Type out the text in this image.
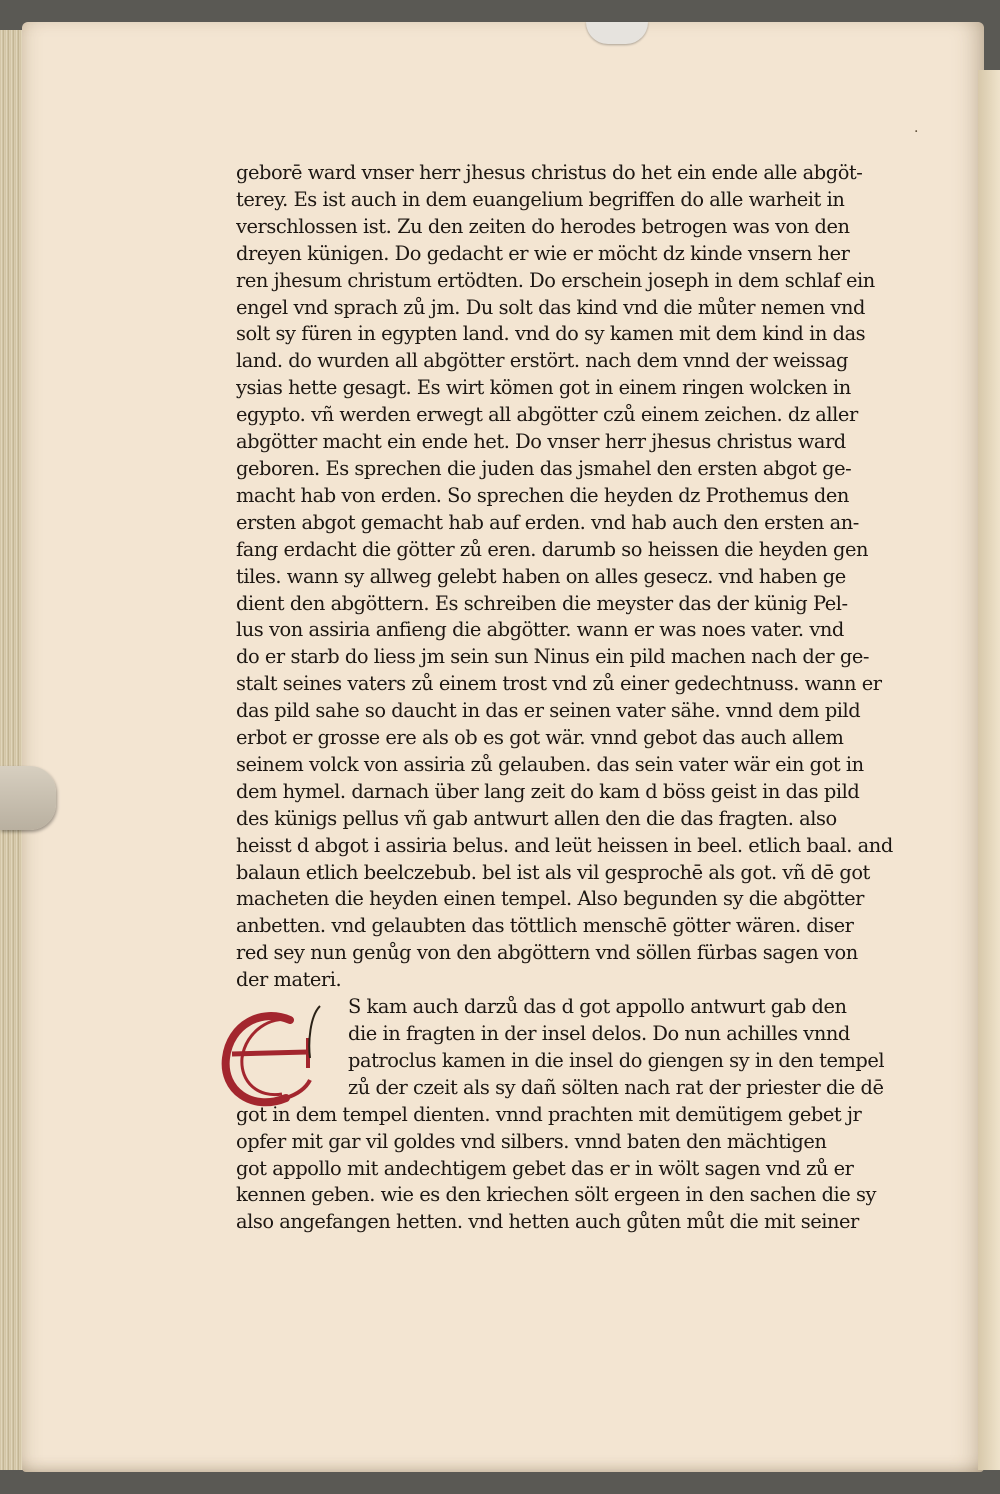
·
geborē ward vnser herr jhesus christus do het ein ende alle abgöt-
terey. Es ist auch in dem euangelium begriffen do alle warheit in
verschlossen ist. Zu den zeiten do herodes betrogen was von den
dreyen künigen. Do gedacht er wie er möcht dz kinde vnsern her
ren jhesum christum ertödten. Do erschein joseph in dem schlaf ein
engel vnd sprach zů jm. Du solt das kind vnd die můter nemen vnd
solt sy füren in egypten land. vnd do sy kamen mit dem kind in das
land. do wurden all abgötter erstört. nach dem vnnd der weissag
ysias hette gesagt. Es wirt kömen got in einem ringen wolcken in
egypto. vñ werden erwegt all abgötter czů einem zeichen. dz aller
abgötter macht ein ende het. Do vnser herr jhesus christus ward
geboren. Es sprechen die juden das jsmahel den ersten abgot ge-
macht hab von erden. So sprechen die heyden dz Prothemus den
ersten abgot gemacht hab auf erden. vnd hab auch den ersten an-
fang erdacht die götter zů eren. darumb so heissen die heyden gen
tiles. wann sy allweg gelebt haben on alles gesecz. vnd haben ge
dient den abgöttern. Es schreiben die meyster das der künig Pel-
lus von assiria anfieng die abgötter. wann er was noes vater. vnd
do er starb do liess jm sein sun Ninus ein pild machen nach der ge-
stalt seines vaters zů einem trost vnd zů einer gedechtnuss. wann er
das pild sahe so daucht in das er seinen vater sähe. vnnd dem pild
erbot er grosse ere als ob es got wär. vnnd gebot das auch allem
seinem volck von assiria zů gelauben. das sein vater wär ein got in
dem hymel. darnach über lang zeit do kam d böss geist in das pild
des künigs pellus vñ gab antwurt allen den die das fragten. also
heisst d abgot i assiria belus. and leüt heissen in beel. etlich baal. and
balaun etlich beelczebub. bel ist als vil gesprochē als got. vñ dē got
macheten die heyden einen tempel. Also begunden sy die abgötter
anbetten. vnd gelaubten das töttlich menschē götter wären. diser
red sey nun genůg von den abgöttern vnd söllen fürbas sagen von
der materi.
S kam auch darzů das d got appollo antwurt gab den
die in fragten in der insel delos. Do nun achilles vnnd
patroclus kamen in die insel do giengen sy in den tempel
zů der czeit als sy dañ sölten nach rat der priester die dē
got in dem tempel dienten. vnnd prachten mit demütigem gebet jr
opfer mit gar vil goldes vnd silbers. vnnd baten den mächtigen
got appollo mit andechtigem gebet das er in wölt sagen vnd zů er
kennen geben. wie es den kriechen sölt ergeen in den sachen die sy
also angefangen hetten. vnd hetten auch gůten můt die mit seiner
